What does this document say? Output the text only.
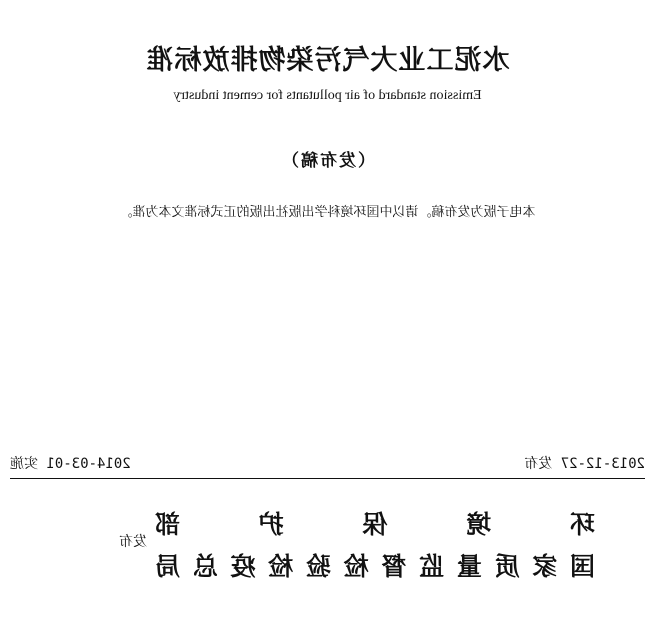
水泥工业大气污染物排放标准
Emission standard of air pollutants for cement industry
（发布稿）
本电子版为发布稿。请以中国环境科学出版社出版的正式标准文本为准。
2013-12-27 发布
2014-03-01 实施
环
境
保
护
部
国
家
质
量
监
督
检
验
检
疫
总
局
发布
